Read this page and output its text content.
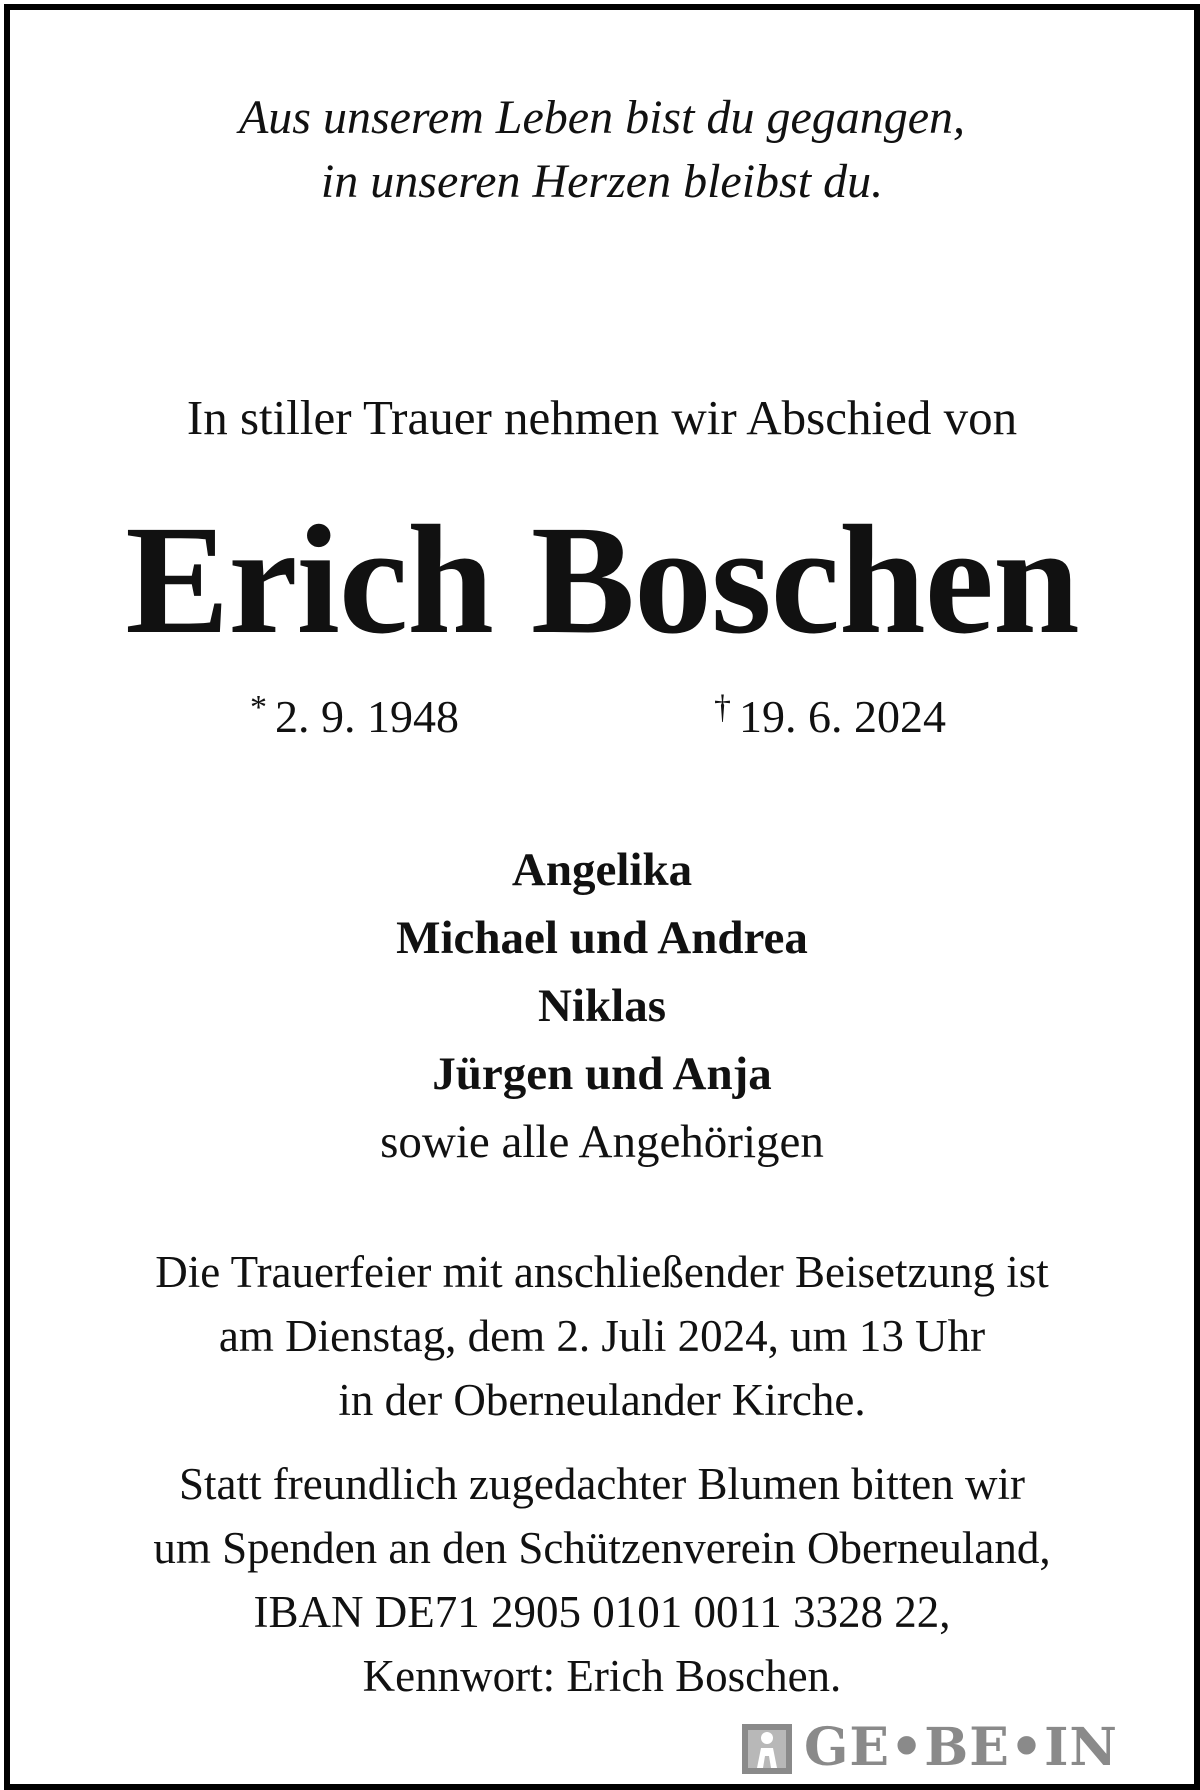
Aus unserem Leben bist du gegangen,
in unseren Herzen bleibst du.
In stiller Trauer nehmen wir Abschied von
Erich Boschen
* 2. 9. 1948	† 19. 6. 2024
Angelika
Michael und Andrea
Niklas
Jürgen und Anja
sowie alle Angehörigen
Die Trauerfeier mit anschließender Beisetzung ist
am Dienstag, dem 2. Juli 2024, um 13 Uhr
in der Oberneulander Kirche.
Statt freundlich zugedachter Blumen bitten wir
um Spenden an den Schützenverein Oberneuland,
IBAN DE71 2905 0101 0011 3328 22,
Kennwort: Erich Boschen.
GE•BE•IN
